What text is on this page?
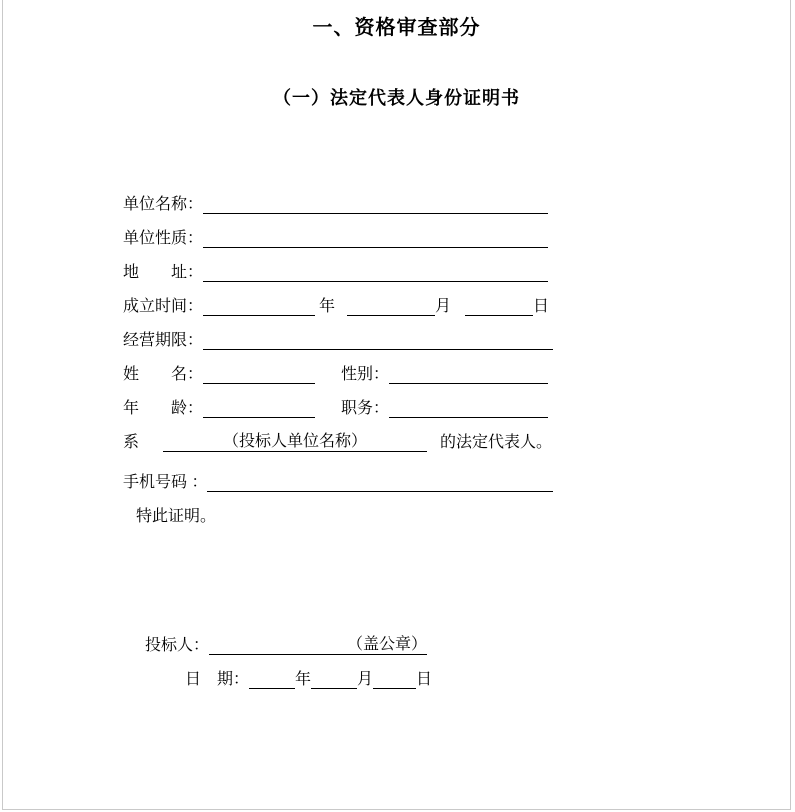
一、资格审查部分
（一）法定代表人身份证明书
单位名称：
单位性质：
地　　址：
成立时间：	年	月	日
经营期限：
姓　　名：	性别：
年　　龄：	职务：
系	（投标人单位名称）	的法定代表人。
手机号码 ：
特此证明。
投标人：	（盖公章）
日　期：	年	月	日
